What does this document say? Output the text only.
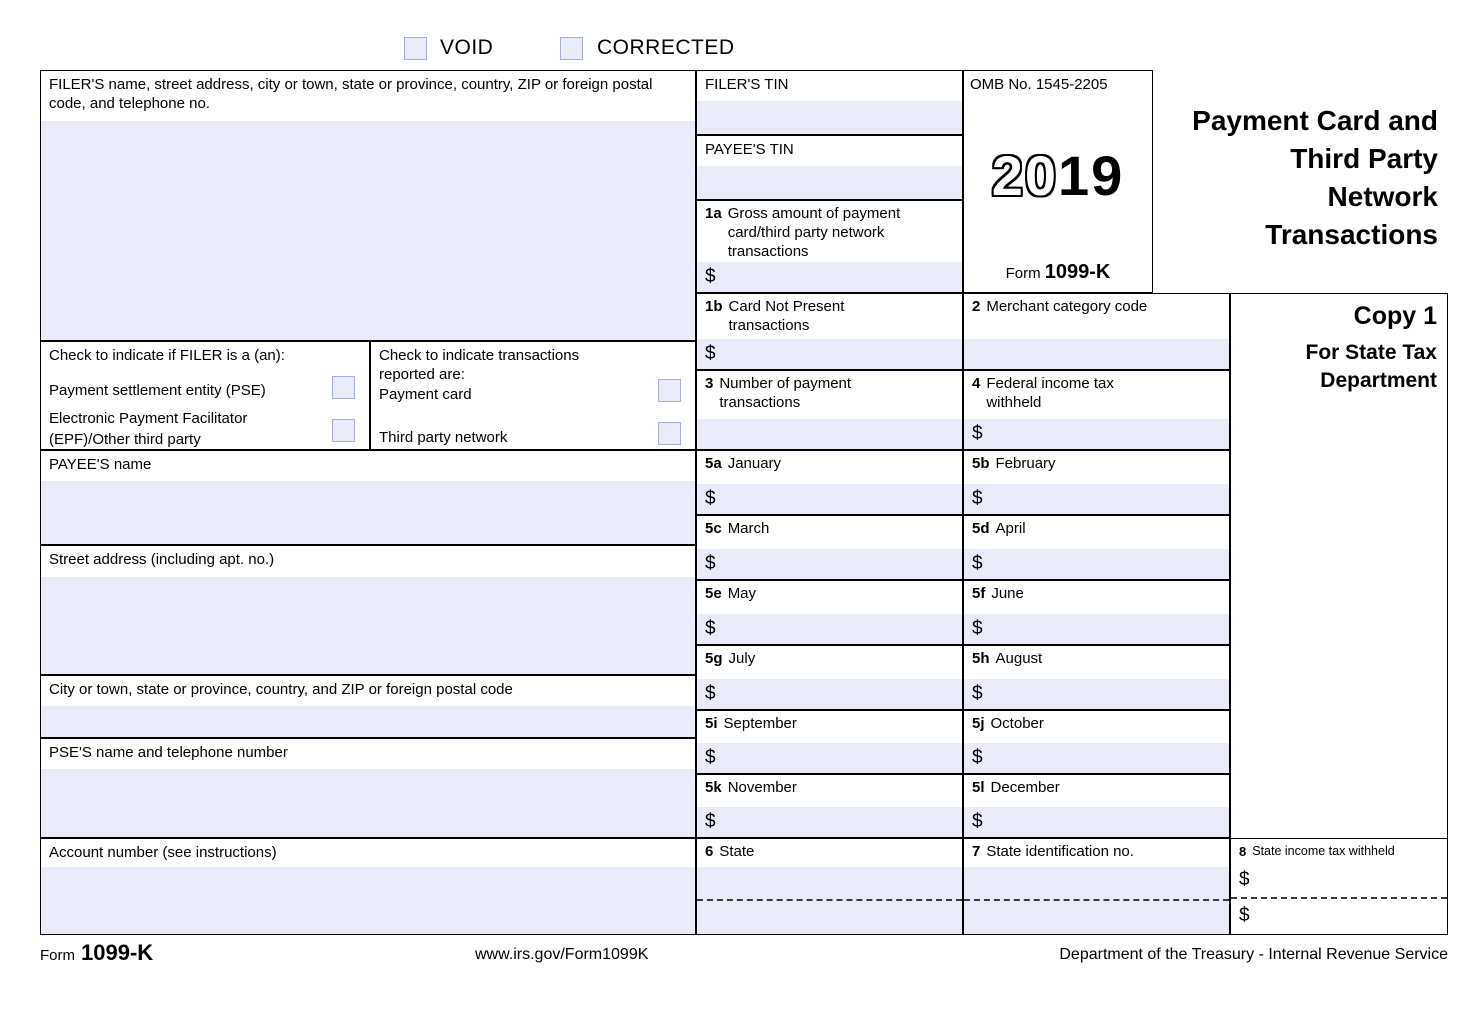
VOID	CORRECTED
FILER'S name, street address, city or town, state or province, country, ZIP or foreign postal code, and telephone no.
FILER'S TIN
PAYEE'S TIN
1a Gross amount of payment card/third party network transactions
$
OMB No. 1545-2205
2019
Form 1099-K
Payment Card and
Third Party
Network
Transactions
1b Card Not Present transactions
$
2 Merchant category code	Copy 1
For State Tax Department
Check to indicate if FILER is a (an):
Payment settlement entity (PSE)
Electronic Payment Facilitator (EPF)/Other third party
Check to indicate transactions reported are:
Payment card
Third party network
3 Number of payment transactions
4 Federal income tax withheld
$
PAYEE'S name
Street address (including apt. no.)
City or town, state or province, country, and ZIP or foreign postal code
PSE'S name and telephone number
Account number (see instructions)
5a January
$
5b February
$
5c March
$
5d April
$
5e May
$
5f June
$
5g July
$
5h August
$
5i September
$
5j October
$
5k November
$
5l December
$
6 State	7 State identification no.	8 State income tax withheld
$
$
Form 1099-K	www.irs.gov/Form1099K	Department of the Treasury - Internal Revenue Service
